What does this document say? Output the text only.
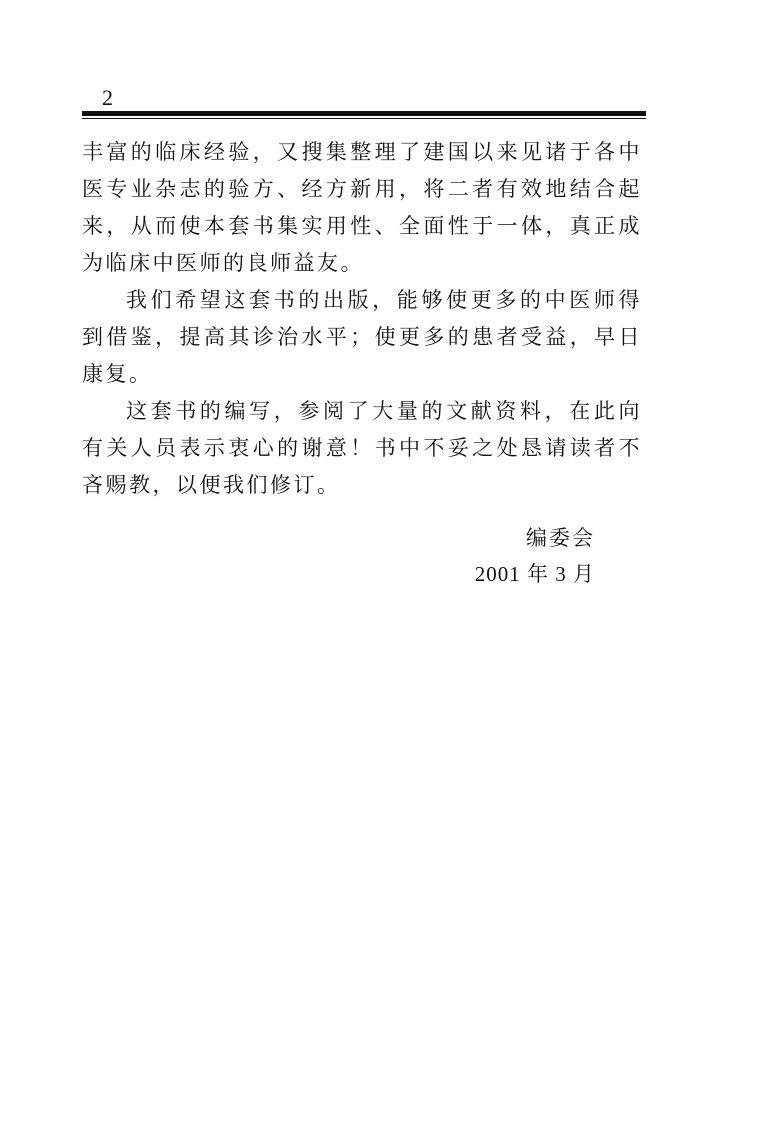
2

丰富的临床经验，又搜集整理了建国以来见诸于各中医专业杂志的验方、经方新用，将二者有效地结合起来，从而使本套书集实用性、全面性于一体，真正成为临床中医师的良师益友。

我们希望这套书的出版，能够使更多的中医师得到借鉴，提高其诊治水平；使更多的患者受益，早日康复。

这套书的编写，参阅了大量的文献资料，在此向有关人员表示衷心的谢意！书中不妥之处恳请读者不吝赐教，以便我们修订。

编委会
2001 年 3 月
